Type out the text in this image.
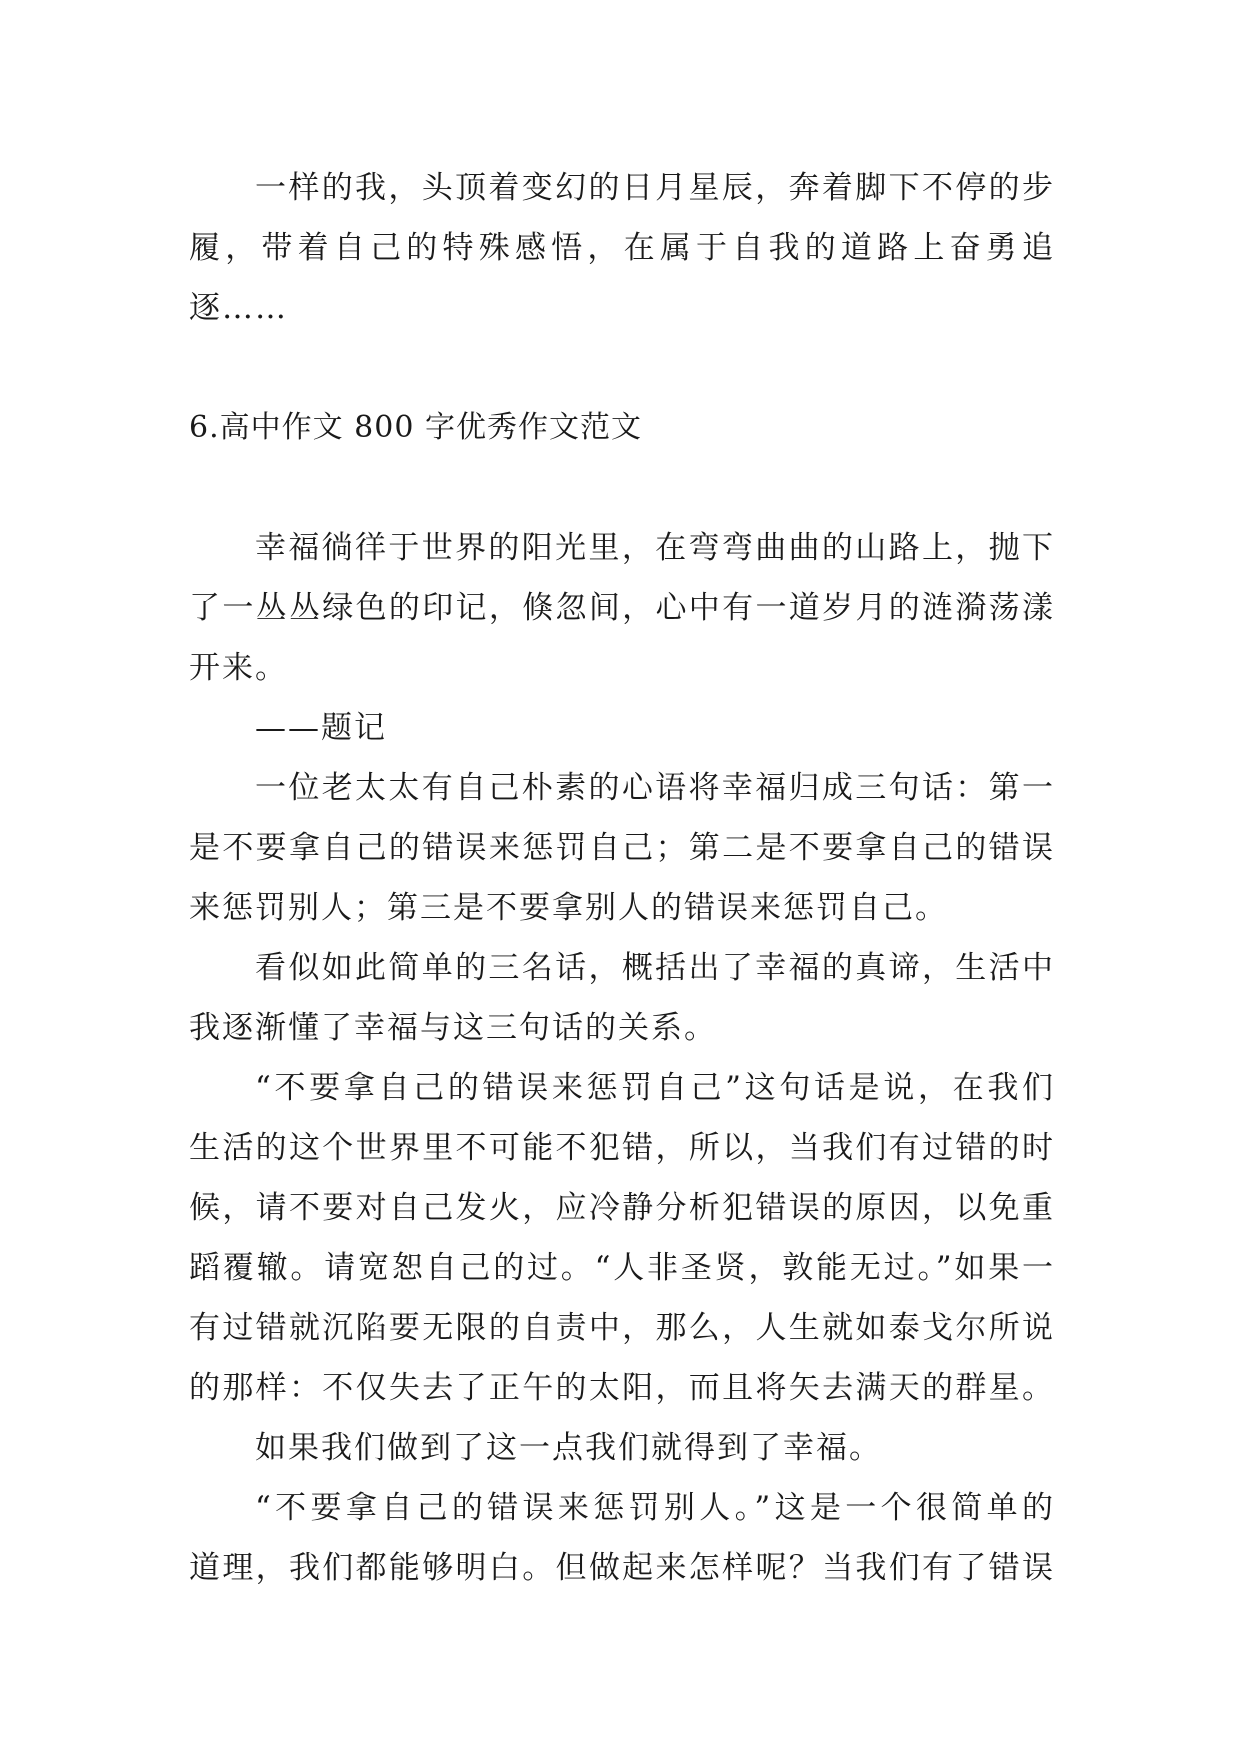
一样的我，头顶着变幻的日月星辰，奔着脚下不停的步
履，带着自己的特殊感悟，在属于自我的道路上奋勇追
逐……
6.高中作文 800 字优秀作文范文
幸福徜徉于世界的阳光里，在弯弯曲曲的山路上，抛下
了一丛丛绿色的印记，倏忽间，心中有一道岁月的涟漪荡漾
开来。
——题记
一位老太太有自己朴素的心语将幸福归成三句话：第一
是不要拿自己的错误来惩罚自己；第二是不要拿自己的错误
来惩罚别人；第三是不要拿别人的错误来惩罚自己。
看似如此简单的三名话，概括出了幸福的真谛，生活中
我逐渐懂了幸福与这三句话的关系。
“不要拿自己的错误来惩罚自己”这句话是说，在我们
生活的这个世界里不可能不犯错，所以，当我们有过错的时
候，请不要对自己发火，应冷静分析犯错误的原因，以免重
蹈覆辙。请宽恕自己的过。“人非圣贤，敦能无过。”如果一
有过错就沉陷要无限的自责中，那么，人生就如泰戈尔所说
的那样：不仅失去了正午的太阳，而且将矢去满天的群星。
如果我们做到了这一点我们就得到了幸福。
“不要拿自己的错误来惩罚别人。”这是一个很简单的
道理，我们都能够明白。但做起来怎样呢？当我们有了错误
